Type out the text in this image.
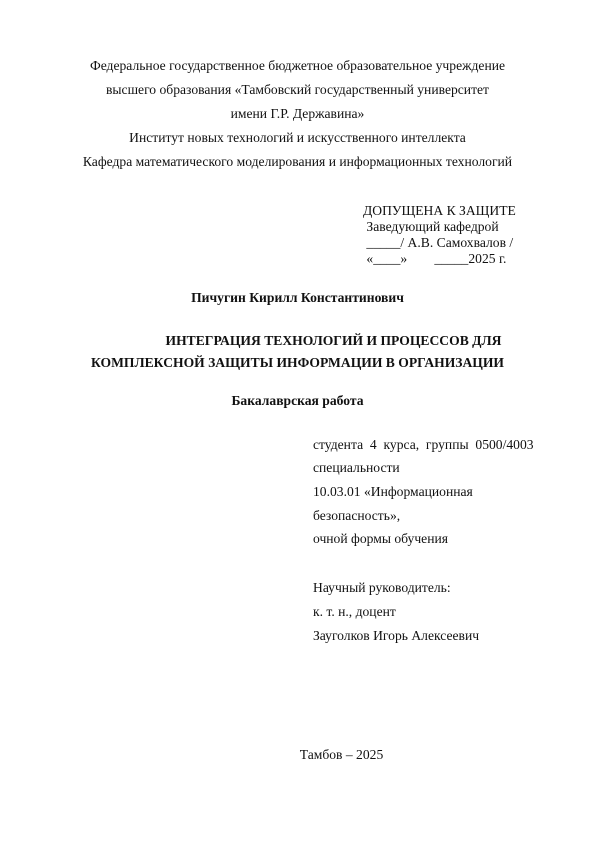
Федеральное государственное бюджетное образовательное учреждение
высшего образования «Тамбовский государственный университет
имени Г.Р. Державина»
Институт новых технологий и искусственного интеллекта
Кафедра математического моделирования и информационных технологий
ДОПУЩЕНА К ЗАЩИТЕ
Заведующий кафедрой
_____/ А.В. Самохвалов /
«____»        _____2025 г.
Пичугин Кирилл Константинович
ИНТЕГРАЦИЯ ТЕХНОЛОГИЙ И ПРОЦЕССОВ ДЛЯ
КОМПЛЕКСНОЙ ЗАЩИТЫ ИНФОРМАЦИИ В ОРГАНИЗАЦИИ
Бакалаврская работа
студента  4  курса,  группы  0500/4003
специальности
10.03.01 «Информационная
безопасность»,
очной формы обучения
Научный руководитель:
к. т. н., доцент
Зауголков Игорь Алексеевич
Тамбов – 2025
